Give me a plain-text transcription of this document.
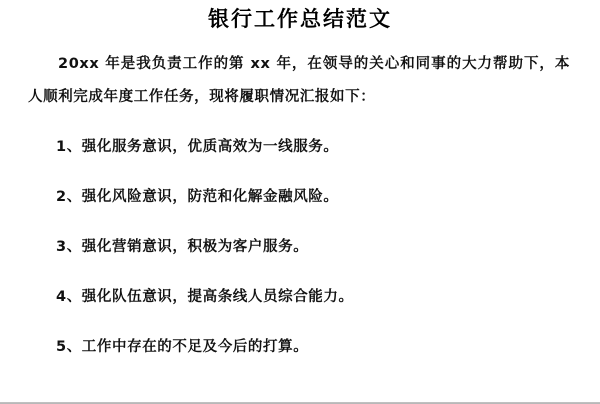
银行工作总结范文

20xx 年是我负责工作的第 xx 年，在领导的关心和同事的大力帮助下，本人顺利完成年度工作任务，现将履职情况汇报如下：

1、强化服务意识，优质高效为一线服务。

2、强化风险意识，防范和化解金融风险。

3、强化营销意识，积极为客户服务。

4、强化队伍意识，提高条线人员综合能力。

5、工作中存在的不足及今后的打算。
